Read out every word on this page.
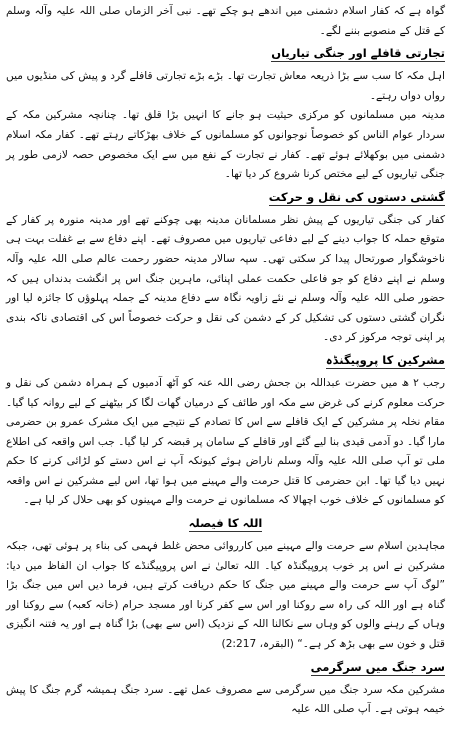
گواہ ہے کہ کفار اسلام دشمنی میں اندھے ہو چکے تھے۔ نبی آخر الزماں صلی اللہ علیہ وآلہ وسلم کے قتل کے منصوبے بننے لگے۔

تجارتی قافلے اور جنگی تیاریاں

اہل مکہ کا سب سے بڑا ذریعہ معاش تجارت تھا۔ بڑے بڑے تجارتی قافلے گرد و پیش کی منڈیوں میں رواں دواں رہتے۔

مدینہ میں مسلمانوں کو مرکزی حیثیت ہو جانے کا انہیں بڑا قلق تھا۔ چنانچہ مشرکین مکہ کے سردار عوام الناس کو خصوصاً نوجوانوں کو مسلمانوں کے خلاف بھڑکاتے رہتے تھے۔ کفار مکہ اسلام دشمنی میں بوکھلائے ہوئے تھے۔ کفار نے تجارت کے نفع میں سے ایک مخصوص حصہ لازمی طور پر جنگی تیاریوں کے لیے مختص کرنا شروع کر دیا تھا۔

گشتی دستوں کی نقل و حرکت

کفار کی جنگی تیاریوں کے پیش نظر مسلمانان مدینہ بھی چوکنے تھے اور مدینہ منورہ پر کفار کے متوقع حملہ کا جواب دینے کے لیے دفاعی تیاریوں میں مصروف تھے۔ اپنے دفاع سے بے غفلت بہت ہی ناخوشگوار صورتحال پیدا کر سکتی تھی۔ سپہ سالار مدینہ حضور رحمت عالم صلی اللہ علیہ وآلہ وسلم نے اپنے دفاع کو جو فاعلی حکمت عملی اپنائی، ماہرین جنگ اس پر انگشت بدنداں ہیں کہ حضور صلی اللہ علیہ وآلہ وسلم نے نئے زاویہ نگاہ سے دفاع مدینہ کے جملہ پہلوؤں کا جائزہ لیا اور نگران گشتی دستوں کی تشکیل کر کے دشمن کی نقل و حرکت خصوصاً اس کی اقتصادی ناکہ بندی پر اپنی توجہ مرکوز کر دی۔

مشرکین کا پروپیگنڈہ

رجب ۲ ھ میں حضرت عبداللہ بن جحش رضی اللہ عنہ کو آٹھ آدمیوں کے ہمراہ دشمن کی نقل و حرکت معلوم کرنے کی غرض سے مکہ اور طائف کے درمیان گھات لگا کر بیٹھنے کے لیے روانہ کیا گیا۔ مقام نخلہ پر مشرکین کے ایک قافلے سے اس کا تصادم کے نتیجے میں ایک مشرک عمرو بن حضرمی مارا گیا۔ دو آدمی قیدی بنا لیے گئے اور قافلے کے سامان پر قبضہ کر لیا گیا۔ جب اس واقعہ کی اطلاع ملی تو آپ صلی اللہ علیہ وآلہ وسلم ناراض ہوئے کیونکہ آپ نے اس دستے کو لڑائی کرنے کا حکم نہیں دیا گیا تھا۔ ابن حضرمی کا قتل حرمت والے مہینے میں ہوا تھا، اس لیے مشرکین نے اس واقعہ کو مسلمانوں کے خلاف خوب اچھالا کہ مسلمانوں نے حرمت والے مہینوں کو بھی حلال کر لیا ہے۔

اللہ کا فیصلہ

مجاہدین اسلام سے حرمت والے مہینے میں کارروائی محض غلط فہمی کی بناء پر ہوئی تھی، جبکہ مشرکین نے اس پر خوب پروپیگنڈہ کیا۔ اللہ تعالیٰ نے اس پروپیگنڈے کا جواب ان الفاظ میں دیا: ”لوگ آپ سے حرمت والے مہینے میں جنگ کا حکم دریافت کرتے ہیں، فرما دیں اس میں جنگ بڑا گناہ ہے اور اللہ کی راہ سے روکنا اور اس سے کفر کرنا اور مسجد حرام (خانہ کعبہ) سے روکنا اور وہاں کے رہنے والوں کو وہاں سے نکالنا اللہ کے نزدیک (اس سے بھی) بڑا گناہ ہے اور یہ فتنہ انگیزی قتل و خون سے بھی بڑھ کر ہے۔“ (البقرہ، 2:217)

سرد جنگ میں سرگرمی

مشرکین مکہ سرد جنگ میں سرگرمی سے مصروف عمل تھے۔ سرد جنگ ہمیشہ گرم جنگ کا پیش خیمہ ہوتی ہے۔ آپ صلی اللہ علیہ
